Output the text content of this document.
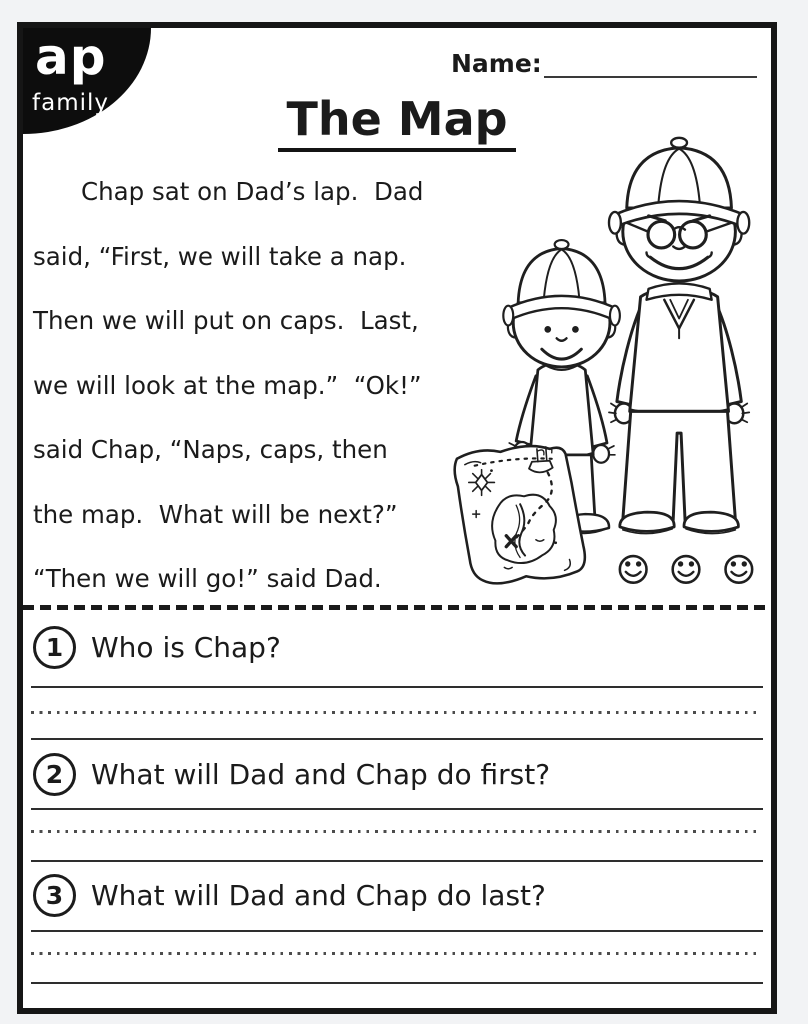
ap
family
Name:
The Map
Chap sat on Dad’s lap.  Dad
said, “First, we will take a nap.
Then we will put on caps.  Last,
we will look at the map.”  “Ok!”
said Chap, “Naps, caps, then
the map.  What will be next?”
“Then we will go!” said Dad.
1 Who is Chap?
2 What will Dad and Chap do first?
3 What will Dad and Chap do last?
